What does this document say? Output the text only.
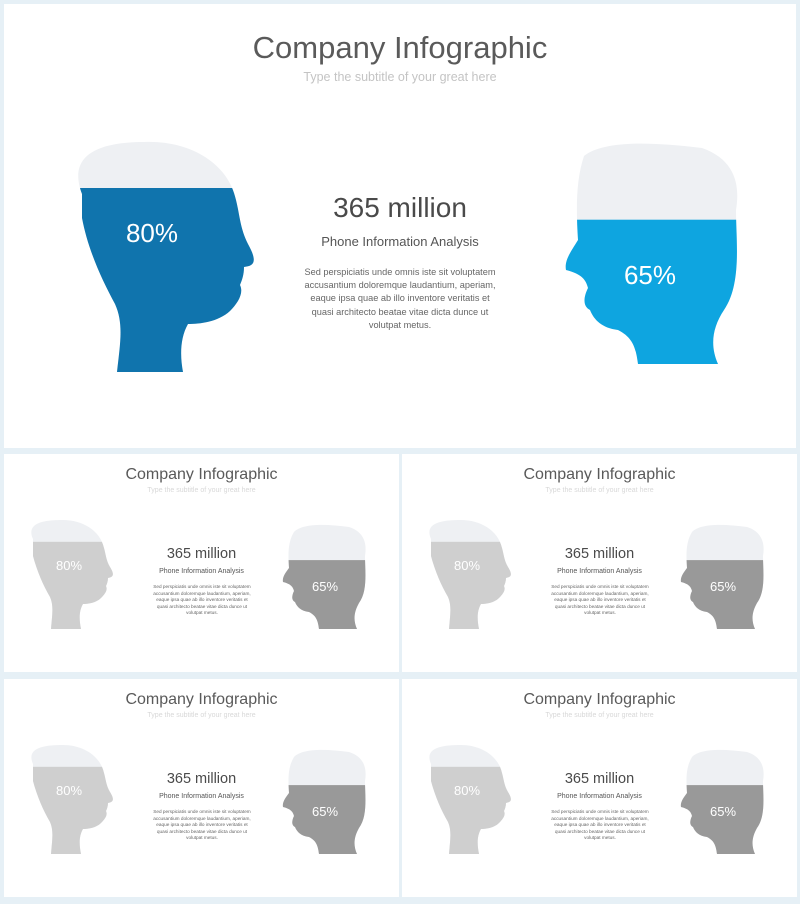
Company Infographic
Type the subtitle of your great here
365 million
Phone Information Analysis
Sed perspiciatis unde omnis iste sit voluptatem accusantium doloremque laudantium, aperiam, eaque ipsa quae ab illo inventore veritatis et quasi architecto beatae vitae dicta dunce ut volutpat metus.
80%
65%
Company Infographic
Type the subtitle of your great here
365 million
Phone Information Analysis
Sed perspiciatis unde omnis iste sit voluptatem accusantium doloremque laudantium, aperiam, eaque ipsa quae ab illo inventore veritatis et quasi architecto beatae vitae dicta dunce ut volutpat metus.
80%
65%
Company Infographic
Type the subtitle of your great here
365 million
Phone Information Analysis
Sed perspiciatis unde omnis iste sit voluptatem accusantium doloremque laudantium, aperiam, eaque ipsa quae ab illo inventore veritatis et quasi architecto beatae vitae dicta dunce ut volutpat metus.
80%
65%
Company Infographic
Type the subtitle of your great here
365 million
Phone Information Analysis
Sed perspiciatis unde omnis iste sit voluptatem accusantium doloremque laudantium, aperiam, eaque ipsa quae ab illo inventore veritatis et quasi architecto beatae vitae dicta dunce ut volutpat metus.
80%
65%
Company Infographic
Type the subtitle of your great here
365 million
Phone Information Analysis
Sed perspiciatis unde omnis iste sit voluptatem accusantium doloremque laudantium, aperiam, eaque ipsa quae ab illo inventore veritatis et quasi architecto beatae vitae dicta dunce ut volutpat metus.
80%
65%
